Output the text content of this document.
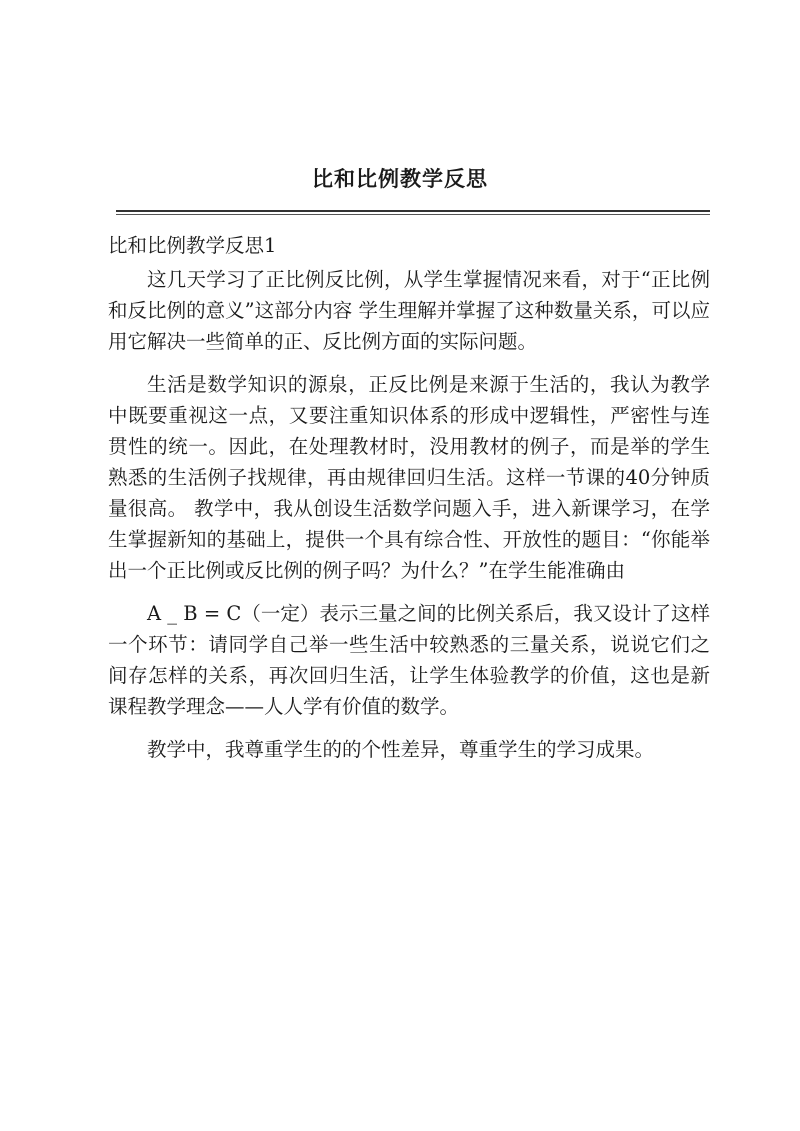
比和比例教学反思
比和比例教学反思1

这几天学习了正比例反比例，从学生掌握情况来看，对于“正比例和反比例的意义”这部分内容 学生理解并掌握了这种数量关系，可以应用它解决一些简单的正、反比例方面的实际问题。

生活是数学知识的源泉，正反比例是来源于生活的，我认为教学中既要重视这一点，又要注重知识体系的形成中逻辑性，严密性与连贯性的统一。因此，在处理教材时，没用教材的例子，而是举的学生熟悉的生活例子找规律，再由规律回归生活。这样一节课的40分钟质量很高。 教学中，我从创设生活数学问题入手，进入新课学习，在学生掌握新知的基础上，提供一个具有综合性、开放性的题目：“你能举出一个正比例或反比例的例子吗？为什么？”在学生能准确由

A _ B = C（一定）表示三量之间的比例关系后，我又设计了这样一个环节：请同学自己举一些生活中较熟悉的三量关系，说说它们之间存怎样的关系，再次回归生活，让学生体验教学的价值，这也是新课程教学理念——人人学有价值的数学。

教学中，我尊重学生的的个性差异，尊重学生的学习成果。
